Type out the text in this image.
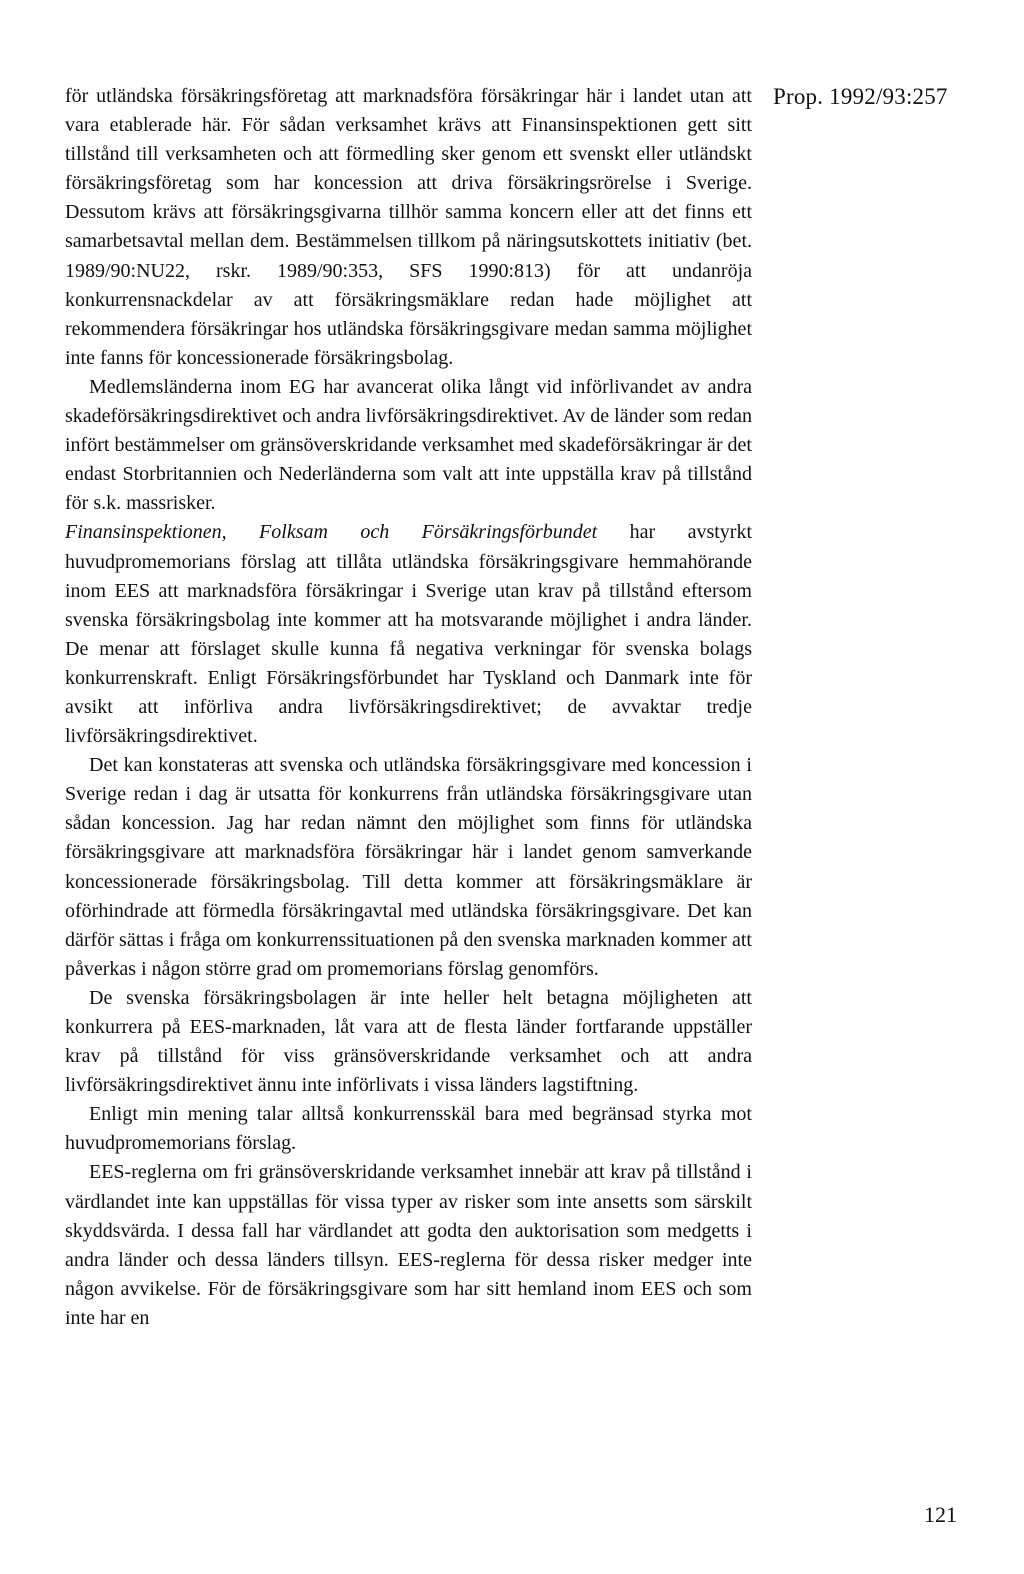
Prop. 1992/93:257

för utländska försäkringsföretag att marknadsföra försäkringar här i landet utan att vara etablerade här. För sådan verksamhet krävs att Finansinspektionen gett sitt tillstånd till verksamheten och att förmedling sker genom ett svenskt eller utländskt försäkringsföretag som har koncession att driva försäkringsrörelse i Sverige. Dessutom krävs att försäkringsgivarna tillhör samma koncern eller att det finns ett samarbetsavtal mellan dem. Bestämmelsen tillkom på näringsutskottets initiativ (bet. 1989/90:NU22, rskr. 1989/90:353, SFS 1990:813) för att undanröja konkurrensnackdelar av att försäkringsmäklare redan hade möjlighet att rekommendera försäkringar hos utländska försäkringsgivare medan samma möjlighet inte fanns för koncessionerade försäkringsbolag.

Medlemsländerna inom EG har avancerat olika långt vid införlivandet av andra skadeförsäkringsdirektivet och andra livförsäkringsdirektivet. Av de länder som redan infört bestämmelser om gränsöverskridande verksamhet med skadeförsäkringar är det endast Storbritannien och Nederländerna som valt att inte uppställa krav på tillstånd för s.k. massrisker.

Finansinspektionen, Folksam och Försäkringsförbundet har avstyrkt huvudpromemorians förslag att tillåta utländska försäkringsgivare hemmahörande inom EES att marknadsföra försäkringar i Sverige utan krav på tillstånd eftersom svenska försäkringsbolag inte kommer att ha motsvarande möjlighet i andra länder. De menar att förslaget skulle kunna få negativa verkningar för svenska bolags konkurrenskraft. Enligt Försäkringsförbundet har Tyskland och Danmark inte för avsikt att införliva andra livförsäkringsdirektivet; de avvaktar tredje livförsäkringsdirektivet.

Det kan konstateras att svenska och utländska försäkringsgivare med koncession i Sverige redan i dag är utsatta för konkurrens från utländska försäkringsgivare utan sådan koncession. Jag har redan nämnt den möjlighet som finns för utländska försäkringsgivare att marknadsföra försäkringar här i landet genom samverkande koncessionerade försäkringsbolag. Till detta kommer att försäkringsmäklare är oförhindrade att förmedla försäkringavtal med utländska försäkringsgivare. Det kan därför sättas i fråga om konkurrenssituationen på den svenska marknaden kommer att påverkas i någon större grad om promemorians förslag genomförs.

De svenska försäkringsbolagen är inte heller helt betagna möjligheten att konkurrera på EES-marknaden, låt vara att de flesta länder fortfarande uppställer krav på tillstånd för viss gränsöverskridande verksamhet och att andra livförsäkringsdirektivet ännu inte införlivats i vissa länders lagstiftning.

Enligt min mening talar alltså konkurrensskäl bara med begränsad styrka mot huvudpromemorians förslag.

EES-reglerna om fri gränsöverskridande verksamhet innebär att krav på tillstånd i värdlandet inte kan uppställas för vissa typer av risker som inte ansetts som särskilt skyddsvärda. I dessa fall har värdlandet att godta den auktorisation som medgetts i andra länder och dessa länders tillsyn. EES-reglerna för dessa risker medger inte någon avvikelse. För de försäkringsgivare som har sitt hemland inom EES och som inte har en

121
